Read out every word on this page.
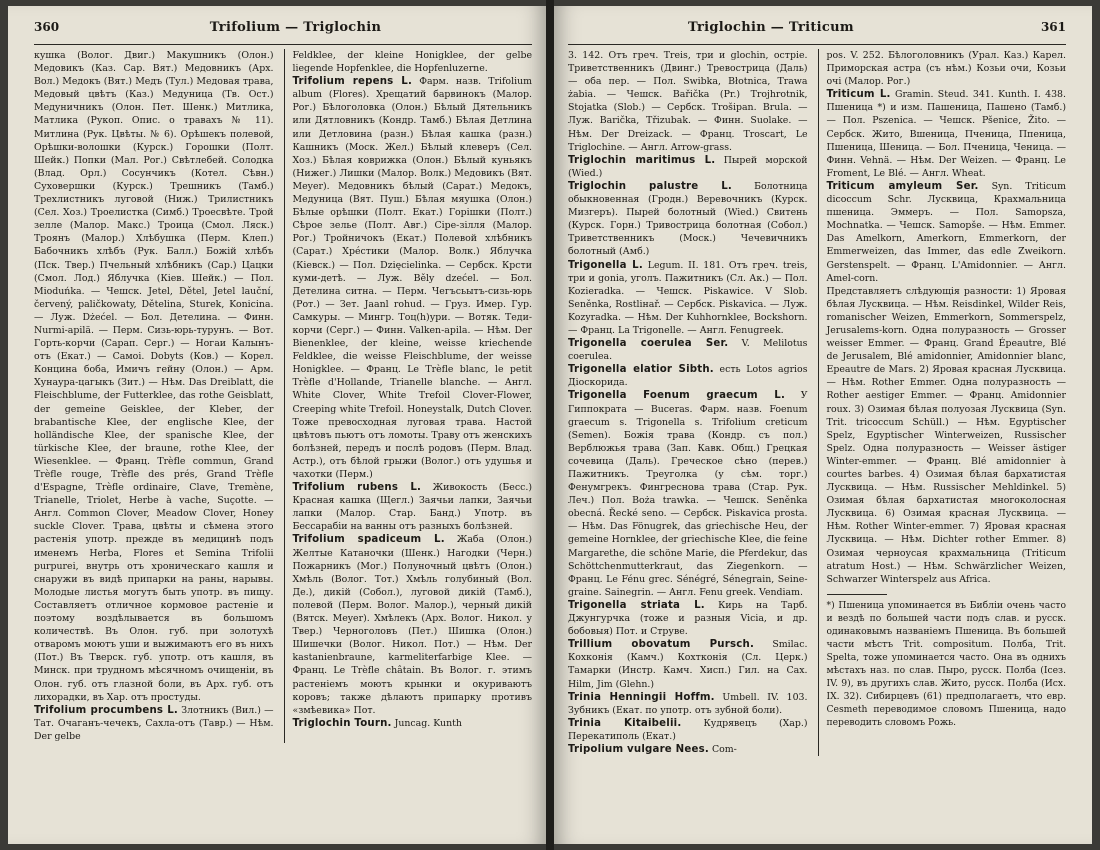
360	Trifolium — Triglochin

кушка (Волог. Двиг.) Макушникъ (Олон.) Медовикъ (Каз. Сар. Вят.) Медовникъ (Арх. Вол.) Медокъ (Вят.) Медъ (Тул.) Медовая трава, Медовый цвѣтъ (Каз.) Медуница (Тв. Ост.) Медуничникъ (Олон. Пет. Шенк.) Митлика, Матлика (Рукоп. Опис. о травахъ № 11). Митлина (Рук. Цвѣты. № 6). Орѣшекъ полевой, Орѣшки-волошки (Курск.) Горошки (Полт. Шейк.) Попки (Мал. Рог.) Свѣтлебей. Солодка (Влад. Орл.) Сосунчикъ (Котел. Сѣвн.) Суховершки (Курск.) Трешникъ (Тамб.) Трехлистникъ луговой (Ниж.) Трилистникъ (Сел. Хоз.) Троелистка (Симб.) Троесвѣте. Трой зелле (Малор. Макс.) Троица (Смол. Ляск.) Троянъ (Малор.) Хлѣбушка (Перм. Клеп.) Бабочникъ хлѣбъ (Рук. Балл.) Божій хлѣбъ (Пск. Твер.) Пчельный хлѣбникъ (Сар.) Цацки (Смол. Лод.) Яблучка (Кіев. Шейк.) — Пол. Mioduńka. — Чешск. Jetel, Dětel, Jetel lauční, červený, paličkowaty, Dětelina, Sturek, Konicina. — Луж. Dżećel. — Бол. Детелина. — Финн. Nurmi-apilä. — Перм. Сизь-юрь-турунъ. — Вот. Горть-корчи (Сарап. Серг.) — Ногаи Калынъ-отъ (Екат.) — Самоі. Dobyts (Ков.) — Корел. Концина боба, Имичъ гейну (Олон.) — Арм. Хунаура-цагыкъ (Зит.) — Нѣм. Das Dreiblatt, die Fleischblume, der Futterklee, das rothe Geisblatt, der gemeine Geisklee, der Kleber, der brabantische Klee, der englische Klee, der holländische Klee, der spanische Klee, der türkische Klee, der braune, rothe Klee, der Wiesenklee. — Франц. Trèfle commun, Grand Trèfle rouge, Trèfle des prés, Grand Trèfle d'Espagne, Trèfle ordinaire, Clave, Tremène, Trianelle, Triolet, Herbe à vache, Suçotte. — Англ. Common Clover, Meadow Clover, Honey suckle Clover. Трава, цвѣты и сѣмена этого растенія употр. прежде въ медицинѣ подъ именемъ Herba, Flores et Semina Trifolii purpurei, внутрь отъ хроническаго кашля и снаружи въ видѣ припарки на раны, нарывы. Молодые листья могутъ быть употр. въ пищу. Составляетъ отличное кормовое растеніе и поэтому воздѣлывается въ большомъ количествѣ. Въ Олон. губ. при золотухѣ отваромъ моютъ уши и выжимаютъ его въ нихъ (Пот.) Въ Тверск. губ. употр. отъ кашля, въ Минск. при трудномъ мѣсячномъ очищеніи, въ Олон. губ. отъ глазной боли, въ Арх. губ. отъ лихорадки, въ Хар. отъ простуды.

Trifolium procumbens L. Злотникъ (Вил.) — Тат. Очаганъ-чечекъ, Сахла-отъ (Тавр.) — Нѣм. Der gelbe

Feldklee, der kleine Honigklee, der gelbe liegende Hopfenklee, die Hopfenluzerne.

Trifolium repens L. Фарм. назв. Trifolium album (Flores). Хрещатий барвинокъ (Малор. Рог.) Бѣлоголовка (Олон.) Бѣлый Дятельникъ или Дятловникъ (Кондр. Тамб.) Бѣлая Детлина или Детловина (разн.) Бѣлая кашка (разн.) Кашникъ (Моск. Жел.) Бѣлый клеверъ (Сел. Хоз.) Бѣлая коврижка (Олон.) Бѣлый куньякъ (Нижег.) Лишки (Малор. Волк.) Медовикъ (Вят. Meyer). Медовникъ бѣлый (Сарат.) Медокъ, Медуница (Вят. Пуш.) Бѣлая мяушка (Олон.) Бѣлые орѣшки (Полт. Екат.) Горішки (Полт.) Сѣрое зелье (Полт. Авг.) Сіре-зілля (Малор. Рог.) Тройничокъ (Екат.) Полевой хлѣбникъ (Сарат.) Хрéстики (Малор. Волк.) Яблучка (Кіевск.) — Пол. Dzięcielinka. — Сербск. Крсти куми-детѣ. — Луж. Běly dzećel. — Бол. Детелина ситна. — Перм. Чегъсьытъ-сизь-юрь (Рот.) — Зет. Jaanl rohud. — Груз. Имер. Гур. Самкуры. — Мингр. Тоц(h)ури. — Вотяк. Теди-корчи (Серг.) — Финн. Valken-apila. — Нѣм. Der Bienenklee, der kleine, weisse kriechende Feldklee, die weisse Fleischblume, der weisse Honigklee. — Франц. Le Trèfle blanc, le petit Trèfle d'Hollande, Trianelle blanche. — Англ. White Clover, White Trefoil Clover-Flower, Creeping white Trefoil. Honeystalk, Dutch Clover. Тоже превосходная луговая трава. Настой цвѣтовъ пьютъ отъ ломоты. Траву отъ женскихъ болѣзней, передъ и послѣ родовъ (Перм. Влад. Астр.), отъ бѣлой грыжи (Волог.) отъ удушья и чахотки (Перм.)

Trifolium rubens L. Живокость (Бесс.) Красная кашка (Щегл.) Заячьи лапки, Заячьи лапки (Малор. Стар. Банд.) Употр. въ Бессарабіи на ванны отъ разныхъ болѣзней.

Trifolium spadiceum L. Жаба (Олон.) Желтые Катаночки (Шенк.) Нагодки (Черн.) Пожарникъ (Мог.) Полуночный цвѣтъ (Олон.) Хмѣль (Волог. Тот.) Хмѣль голубиный (Вол. Де.), дикій (Собол.), луговой дикій (Тамб.), полевой (Перм. Волог. Малор.), черный дикій (Вятск. Meyer). Хмѣлекъ (Арх. Волог. Никол. у Твер.) Черноголовъ (Пет.) Шишка (Олон.) Шишечки (Волог. Никол. Пот.) — Нѣм. Der kastanienbraune, karmeliterfarbige Klee. — Франц. Le Trèfle châtain. Въ Волог. г. этимъ растеніемъ моютъ крынки и окуриваютъ коровъ; также дѣлаютъ припарку противъ «змѣевика» Пот.

Triglochin Tourn. Juncag. Kunth

Triglochin — Triticum	361

3. 142. Отъ греч. Treis, три и glochin, остріе. Триветственникъ (Двинг.) Тревострица (Даль) — оба пер. — Пол. Swibka, Błotnica, Trawa żabia. — Чешск. Bařička (Pr.) Trojhrotnik, Stojatka (Slob.) — Сербск. Trošipan. Brula. — Луж. Baričkа, Třizubak. — Финн. Suolake. — Нѣм. Der Dreizack. — Франц. Troscart, Le Triglochine. — Англ. Arrow-grass.

Triglochin maritimus L. Пырей морской (Wied.)

Triglochin palustre L. Болотница обыкновенная (Гродн.) Веревочникъ (Курск. Мизгеръ). Пырей болотный (Wied.) Свитень (Курск. Горн.) Тривострица болотная (Собол.) Триветственникъ (Моск.) Чечевичникъ болотный (Амб.)

Trigonella L. Legum. II. 181. Отъ греч. treis, три и gonia, уголъ. Пажитникъ (Сл. Ак.) — Пол. Kozieradka. — Чешск. Piskawice. V Slob. Seněnka, Rostliнař. — Сербск. Piskavica. — Луж. Kozyradka. — Нѣм. Der Kuhhornklee, Bockshorn. — Франц. La Trigonelle. — Англ. Fenugreek.

Trigonella coerulea Ser. V. Melilotus coerulea.

Trigonella elatior Sibth. есть Lotos agrios Діоскорида.

Trigonella Foenum graecum L. У Гиппократа — Buceras. Фарм. назв. Foenum graecum s. Trigonella s. Trifolium creticum (Semen). Божія трава (Кондр. съ пол.) Верблюжья трава (Зап. Кавк. Общ.) Грецкая сочевица (Даль). Греческое сѣно (перев.) Пажитникъ. Треуголка (у сѣм. торг.) Фенумгрекъ. Фингреснова трава (Стар. Рук. Леч.) Пол. Boża trawka. — Чешск. Seněnka obecná. Řecké seno. — Сербск. Piskavica prosta. — Нѣм. Das Fönugrek, das griechische Heu, der gemeine Hornklee, der griechische Klee, die feine Margarethe, die schöne Marie, die Pferdekur, das Schöttchenmutterkraut, das Ziegenkorn. — Франц. Le Fénu grec. Sénégré, Sénegrain, Seine-graine. Sainegrin. — Англ. Fenu greek. Vendiam.

Trigonella striata L. Кирь на Тарб. Джунгурчка (тоже и разныя Vicia, и др. бобовыя) Пот. и Струве.

Trillium obovatum Pursch. Smilac. Кохконія (Камч.) Кохтконія (Сл. Церк.) Тамарки (Инстр. Камч. Хисп.) Гил. на Сах. Hilm, Jim (Glehn.)

Trinia Henningii Hoffm. Umbell. IV. 103. Зубникъ (Екат. по употр. отъ зубной боли).

Trinia Kitaibelii. Кудрявецъ (Хар.) Перекатиполь (Екат.)

Tripolium vulgare Nees. Com-

pos. V. 252. Бѣлоголовникъ (Урал. Каз.) Карел. Приморская астра (съ нѣм.) Козьи очи, Козьи очі (Малор. Рог.)

Triticum L. Gramin. Steud. 341. Kunth. I. 438. Пшеница *) и изм. Пашеница, Пашено (Тамб.) — Пол. Pszenica. — Чешск. Pšenice, Žito. — Сербск. Жито, Вшеница, Пченица, Ппеница, Пшеница, Шеница. — Бол. Пченица, Ченица. — Финн. Vehnä. — Нѣм. Der Weizen. — Франц. Le Froment, Le Blé. — Англ. Wheat.

Triticum amyleum Ser. Syn. Triticum dicoccum Schr. Лусквица, Крахмальница пшеница. Эммеръ. — Пол. Samopsza, Mochnatka. — Чешск. Samopše. — Нѣм. Emmer. Das Amelkorn, Amerkorn, Emmerkorn, der Emmerweizen, das Immer, das edle Zweikorn. Gerstenspelt. — Франц. L'Amidonnier. — Англ. Amel-corn.

Представляетъ слѣдующія разности: 1) Яровая бѣлая Лусквица. — Нѣм. Reisdinkel, Wilder Reis, romanischer Weizen, Emmerkorn, Sommerspelz, Jerusalems-korn. Одна полуразность — Grosser weisser Emmer. — Франц. Grand Épeautre, Blé de Jerusalem, Blé amidonnier, Amidonnier blanc, Epeautre de Mars. 2) Яровая красная Лусквица. — Нѣм. Rother Emmer. Одна полуразность — Rother aestiger Emmer. — Франц. Amidonnier roux. 3) Озимая бѣлая полуозая Лусквица (Syn. Trit. tricoccum Schüll.) — Нѣм. Egyptischer Spelz, Egyptischer Winterweizen, Russischer Spelz. Одна полуразность — Weisser ästiger Winter-emmer. — Франц. Blé amidonnier à courtes barbes. 4) Озимая бѣлая бархатистая Лусквица. — Нѣм. Russischer Mehldinkel. 5) Озимая бѣлая бархатистая многоколосная Лусквица. 6) Озимая красная Лусквица. — Нѣм. Rother Winter-emmer. 7) Яровая красная Лусквица. — Нѣм. Dichter rother Emmer. 8) Озимая черноусая крахмальница (Triticum atratum Host.) — Нѣм. Schwärzlicher Weizen, Schwarzer Winterspelz aus Africa.

*) Пшеница упоминается въ Библіи очень часто и вездѣ по большей части подъ слав. и русск. одинаковымъ названіемъ Пшеница. Въ большей части мѣстъ Trit. compositum. Полба, Trit. Spelta, тоже упоминается часто. Она въ однихъ мѣстахъ наз. по слав. Пыро, русск. Полба (Ісез. IV. 9), въ другихъ слав. Жито, русск. Полба (Исх. IX. 32). Сибирцевъ (61) предполагаетъ, что евр. Cesmeth переводимое словомъ Пшеница, надо переводить словомъ Рожь.
